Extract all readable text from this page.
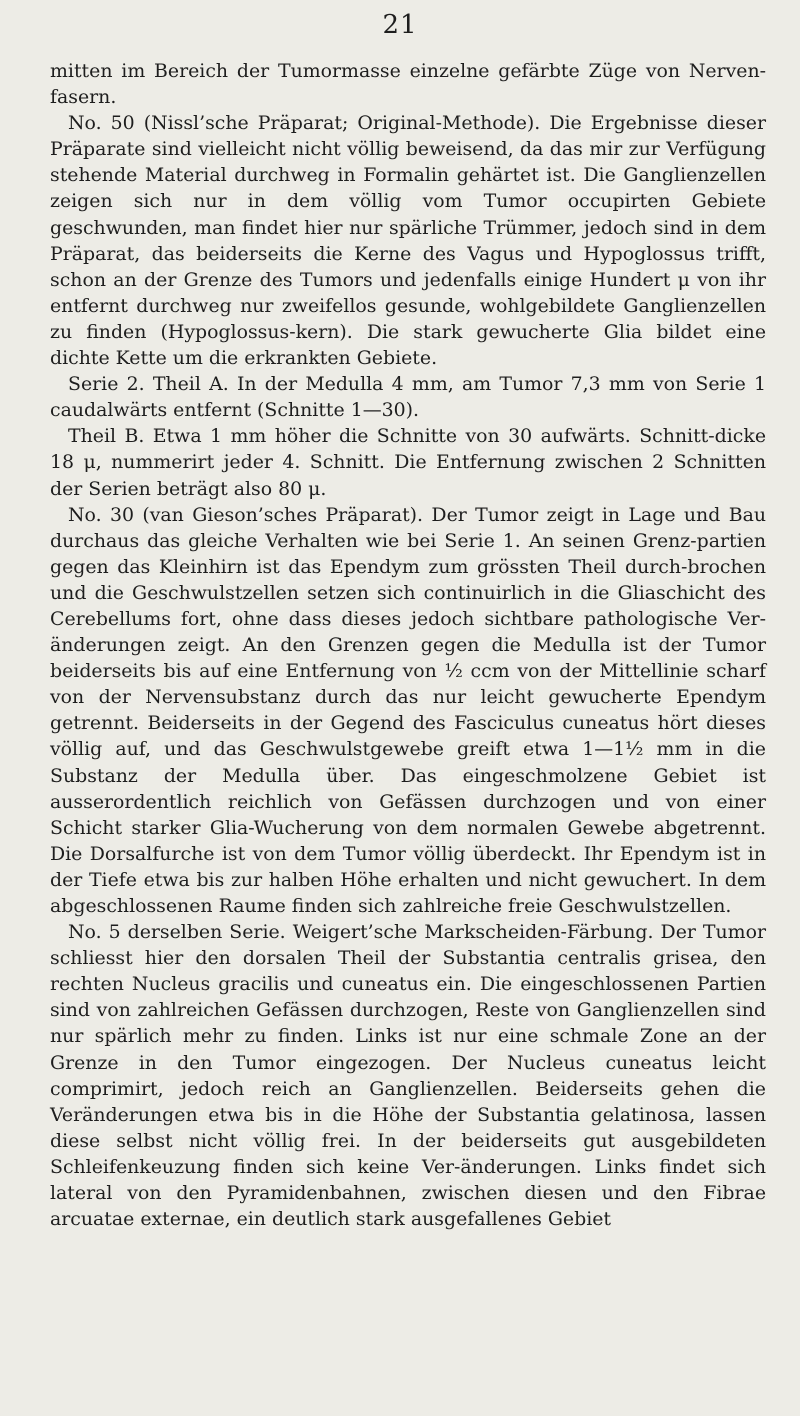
21

mitten im Bereich der Tumormasse einzelne gefärbte Züge von Nerven-fasern.

No. 50 (Nissl’sche Präparat; Original-Methode). Die Ergebnisse dieser Präparate sind vielleicht nicht völlig beweisend, da das mir zur Verfügung stehende Material durchweg in Formalin gehärtet ist. Die Ganglienzellen zeigen sich nur in dem völlig vom Tumor occupirten Gebiete geschwunden, man findet hier nur spärliche Trümmer, jedoch sind in dem Präparat, das beiderseits die Kerne des Vagus und Hypoglossus trifft, schon an der Grenze des Tumors und jedenfalls einige Hundert μ von ihr entfernt durchweg nur zweifellos gesunde, wohlgebildete Ganglienzellen zu finden (Hypoglossus-kern). Die stark gewucherte Glia bildet eine dichte Kette um die erkrankten Gebiete.

Serie 2. Theil A. In der Medulla 4 mm, am Tumor 7,3 mm von Serie 1 caudalwärts entfernt (Schnitte 1—30).

Theil B. Etwa 1 mm höher die Schnitte von 30 aufwärts. Schnitt-dicke 18 μ, nummerirt jeder 4. Schnitt. Die Entfernung zwischen 2 Schnitten der Serien beträgt also 80 μ.

No. 30 (van Gieson’sches Präparat). Der Tumor zeigt in Lage und Bau durchaus das gleiche Verhalten wie bei Serie 1. An seinen Grenz-partien gegen das Kleinhirn ist das Ependym zum grössten Theil durch-brochen und die Geschwulstzellen setzen sich continuirlich in die Gliaschicht des Cerebellums fort, ohne dass dieses jedoch sichtbare pathologische Ver-änderungen zeigt. An den Grenzen gegen die Medulla ist der Tumor beiderseits bis auf eine Entfernung von ½ ccm von der Mittellinie scharf von der Nervensubstanz durch das nur leicht gewucherte Ependym getrennt. Beiderseits in der Gegend des Fasciculus cuneatus hört dieses völlig auf, und das Geschwulstgewebe greift etwa 1—1½ mm in die Substanz der Medulla über. Das eingeschmolzene Gebiet ist ausserordentlich reichlich von Gefässen durchzogen und von einer Schicht starker Glia-Wucherung von dem normalen Gewebe abgetrennt. Die Dorsalfurche ist von dem Tumor völlig überdeckt. Ihr Ependym ist in der Tiefe etwa bis zur halben Höhe erhalten und nicht gewuchert. In dem abgeschlossenen Raume finden sich zahlreiche freie Geschwulstzellen.

No. 5 derselben Serie. Weigert’sche Markscheiden-Färbung. Der Tumor schliesst hier den dorsalen Theil der Substantia centralis grisea, den rechten Nucleus gracilis und cuneatus ein. Die eingeschlossenen Partien sind von zahlreichen Gefässen durchzogen, Reste von Ganglienzellen sind nur spärlich mehr zu finden. Links ist nur eine schmale Zone an der Grenze in den Tumor eingezogen. Der Nucleus cuneatus leicht comprimirt, jedoch reich an Ganglienzellen. Beiderseits gehen die Veränderungen etwa bis in die Höhe der Substantia gelatinosa, lassen diese selbst nicht völlig frei. In der beiderseits gut ausgebildeten Schleifenkeuzung finden sich keine Ver-änderungen. Links findet sich lateral von den Pyramidenbahnen, zwischen diesen und den Fibrae arcuatae externae, ein deutlich stark ausgefallenes Gebiet
